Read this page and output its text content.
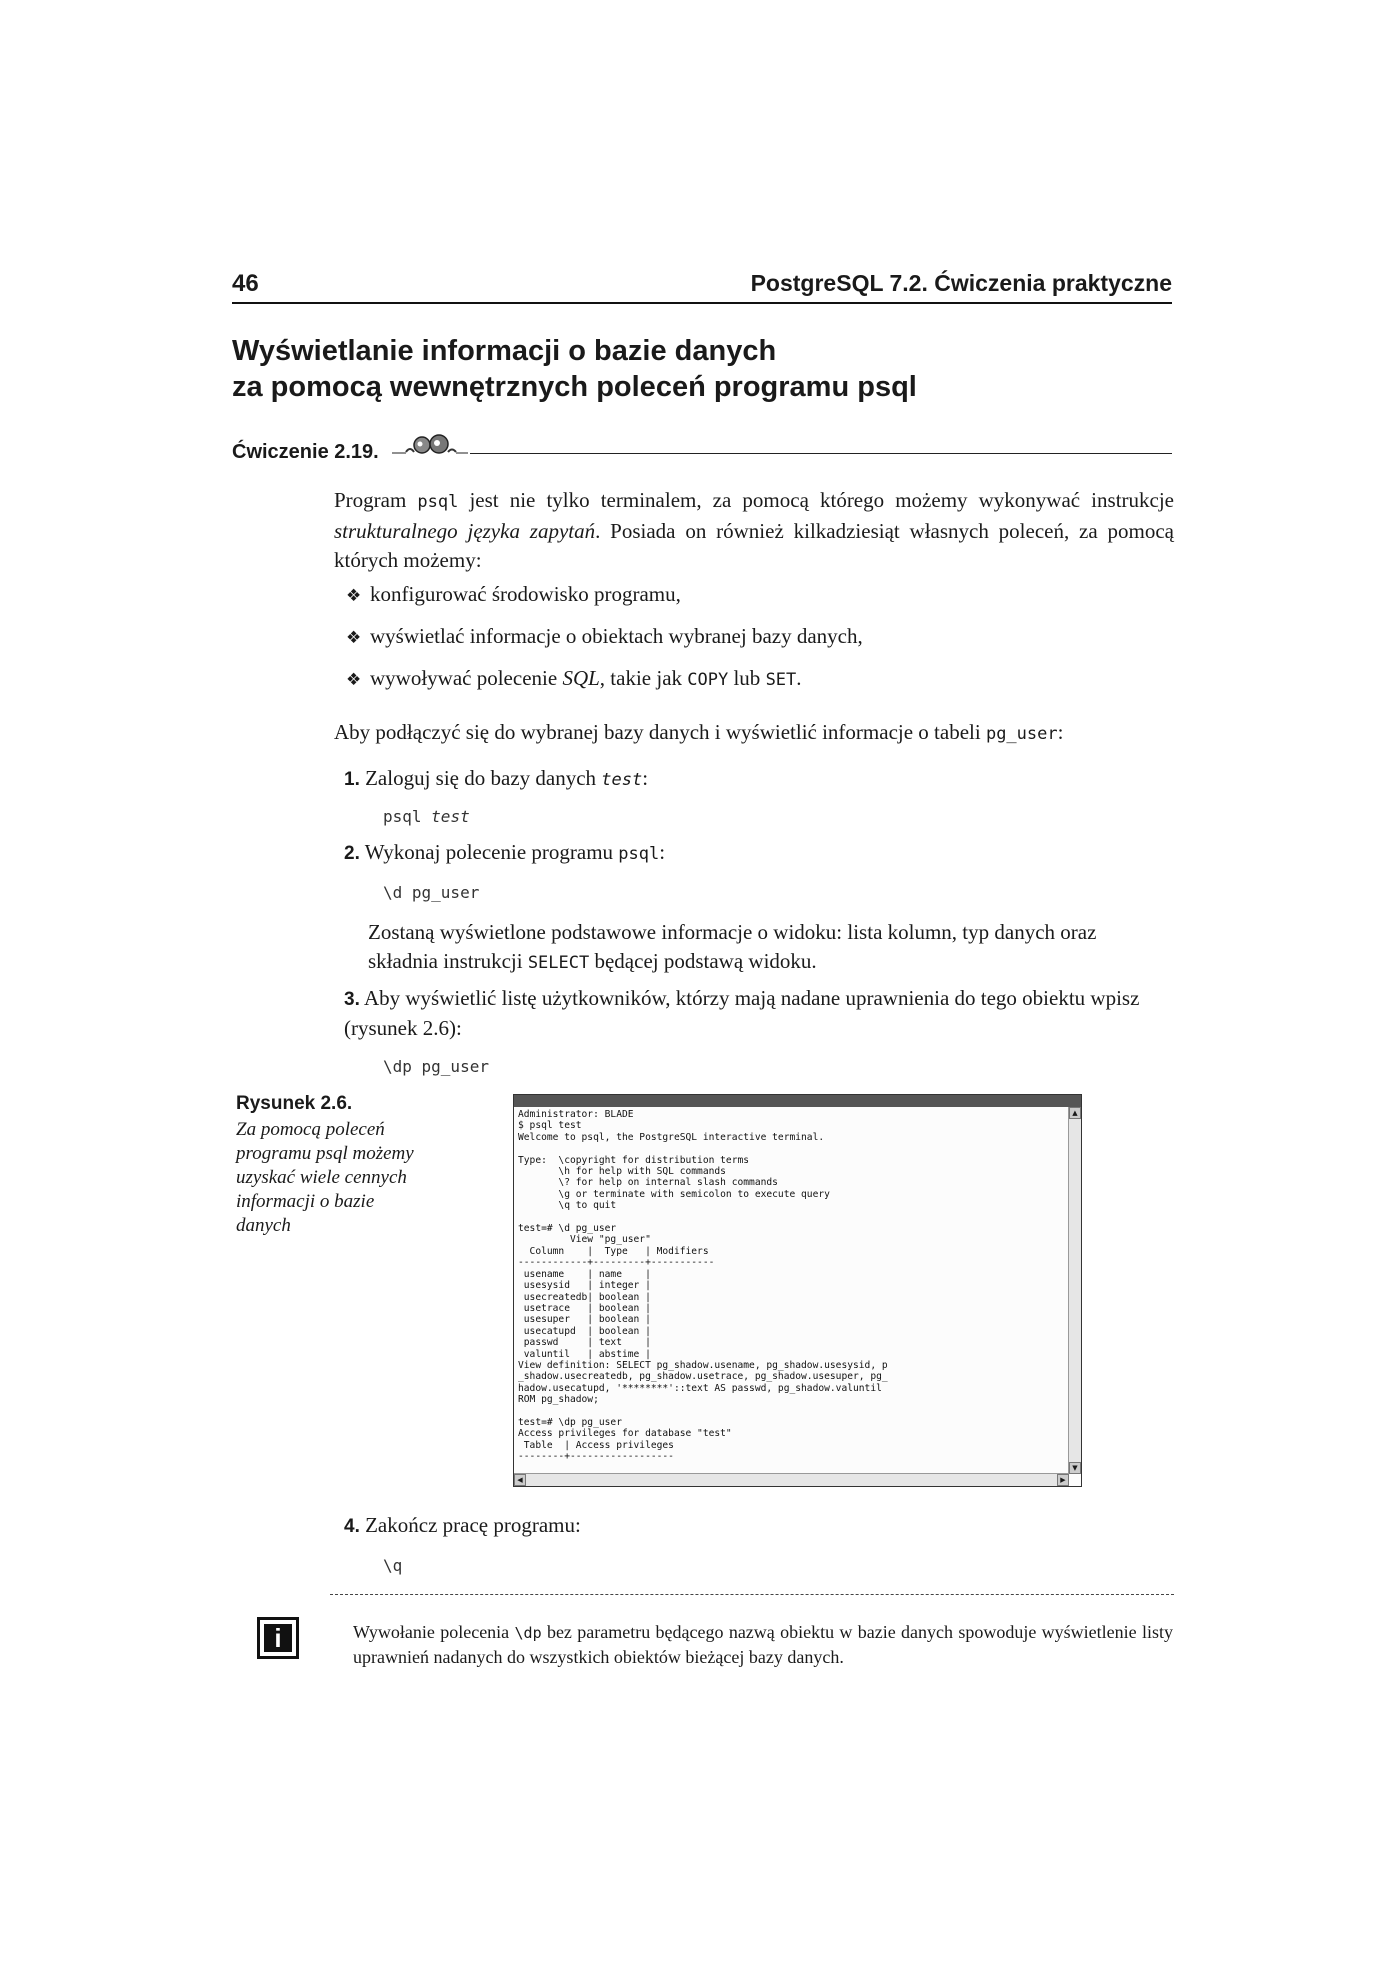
46	PostgreSQL 7.2. Ćwiczenia praktyczne
Wyświetlanie informacji o bazie danych
za pomocą wewnętrznych poleceń programu psql
Ćwiczenie 2.19.

Program psql jest nie tylko terminalem, za pomocą którego możemy wykonywać instrukcje strukturalnego języka zapytań. Posiada on również kilkadziesiąt własnych poleceń, za pomocą których możemy:

❖ konfigurować środowisko programu,
❖ wyświetlać informacje o obiektach wybranej bazy danych,
❖ wywoływać polecenie SQL, takie jak COPY lub SET.

Aby podłączyć się do wybranej bazy danych i wyświetlić informacje o tabeli pg_user:

1. Zaloguj się do bazy danych test:
psql test
2. Wykonaj polecenie programu psql:
\d pg_user

Zostaną wyświetlone podstawowe informacje o widoku: lista kolumn, typ danych oraz składnia instrukcji SELECT będącej podstawą widoku.

3. Aby wyświetlić listę użytkowników, którzy mają nadane uprawnienia do tego obiektu wpisz (rysunek 2.6):
\dp pg_user
Rysunek 2.6.
Za pomocą poleceń programu psql możemy uzyskać wiele cennych informacji o bazie danych
Administrator: BLADE
$ psql test
Welcome to psql, the PostgreSQL interactive terminal.

Type:  \copyright for distribution terms
\h for help with SQL commands
\? for help on internal slash commands
\g or terminate with semicolon to execute query
\q to quit

test=# \d pg_user
View "pg_user"
Column    |  Type   | Modifiers
------------+---------+-----------
usename    | name    |
usesysid   | integer |
usecreatedb| boolean |
usetrace   | boolean |
usesuper   | boolean |
usecatupd  | boolean |
passwd     | text    |
valuntil   | abstime |
View definition: SELECT pg_shadow.usename, pg_shadow.usesysid, p
_shadow.usecreatedb, pg_shadow.usetrace, pg_shadow.usesuper, pg_
hadow.usecatupd, '********'::text AS passwd, pg_shadow.valuntil
ROM pg_shadow;

test=# \dp pg_user
Access privileges for database "test"
Table  | Access privileges
--------+------------------

▲
▼
◀	▶
4. Zakończ pracę programu:
\q
i	Wywołanie polecenia \dp bez parametru będącego nazwą obiektu w bazie danych spowoduje wyświetlenie listy uprawnień nadanych do wszystkich obiektów bieżącej bazy danych.
